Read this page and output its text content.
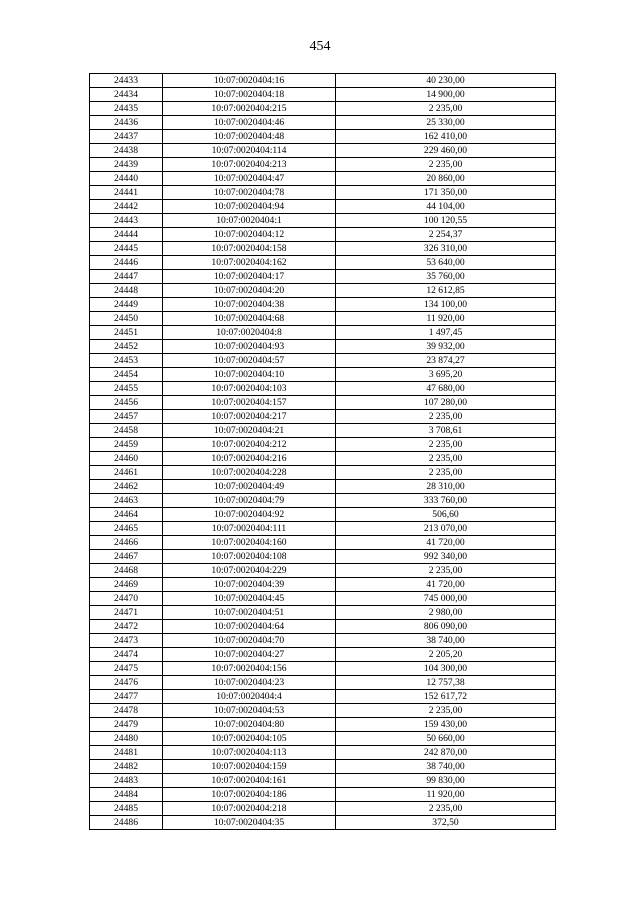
454
24433	10:07:0020404:16	40 230,00
24434	10:07:0020404:18	14 900,00
24435	10:07:0020404:215	2 235,00
24436	10:07:0020404:46	25 330,00
24437	10:07:0020404:48	162 410,00
24438	10:07:0020404:114	229 460,00
24439	10:07:0020404:213	2 235,00
24440	10:07:0020404:47	20 860,00
24441	10:07:0020404:78	171 350,00
24442	10:07:0020404:94	44 104,00
24443	10:07:0020404:1	100 120,55
24444	10:07:0020404:12	2 254,37
24445	10:07:0020404:158	326 310,00
24446	10:07:0020404:162	53 640,00
24447	10:07:0020404:17	35 760,00
24448	10:07:0020404:20	12 612,85
24449	10:07:0020404:38	134 100,00
24450	10:07:0020404:68	11 920,00
24451	10:07:0020404:8	1 497,45
24452	10:07:0020404:93	39 932,00
24453	10:07:0020404:57	23 874,27
24454	10:07:0020404:10	3 695,20
24455	10:07:0020404:103	47 680,00
24456	10:07:0020404:157	107 280,00
24457	10:07:0020404:217	2 235,00
24458	10:07:0020404:21	3 708,61
24459	10:07:0020404:212	2 235,00
24460	10:07:0020404:216	2 235,00
24461	10:07:0020404:228	2 235,00
24462	10:07:0020404:49	28 310,00
24463	10:07:0020404:79	333 760,00
24464	10:07:0020404:92	506,60
24465	10:07:0020404:111	213 070,00
24466	10:07:0020404:160	41 720,00
24467	10:07:0020404:108	992 340,00
24468	10:07:0020404:229	2 235,00
24469	10:07:0020404:39	41 720,00
24470	10:07:0020404:45	745 000,00
24471	10:07:0020404:51	2 980,00
24472	10:07:0020404:64	806 090,00
24473	10:07:0020404:70	38 740,00
24474	10:07:0020404:27	2 205,20
24475	10:07:0020404:156	104 300,00
24476	10:07:0020404:23	12 757,38
24477	10:07:0020404:4	152 617,72
24478	10:07:0020404:53	2 235,00
24479	10:07:0020404:80	159 430,00
24480	10:07:0020404:105	50 660,00
24481	10:07:0020404:113	242 870,00
24482	10:07:0020404:159	38 740,00
24483	10:07:0020404:161	99 830,00
24484	10:07:0020404:186	11 920,00
24485	10:07:0020404:218	2 235,00
24486	10:07:0020404:35	372,50
